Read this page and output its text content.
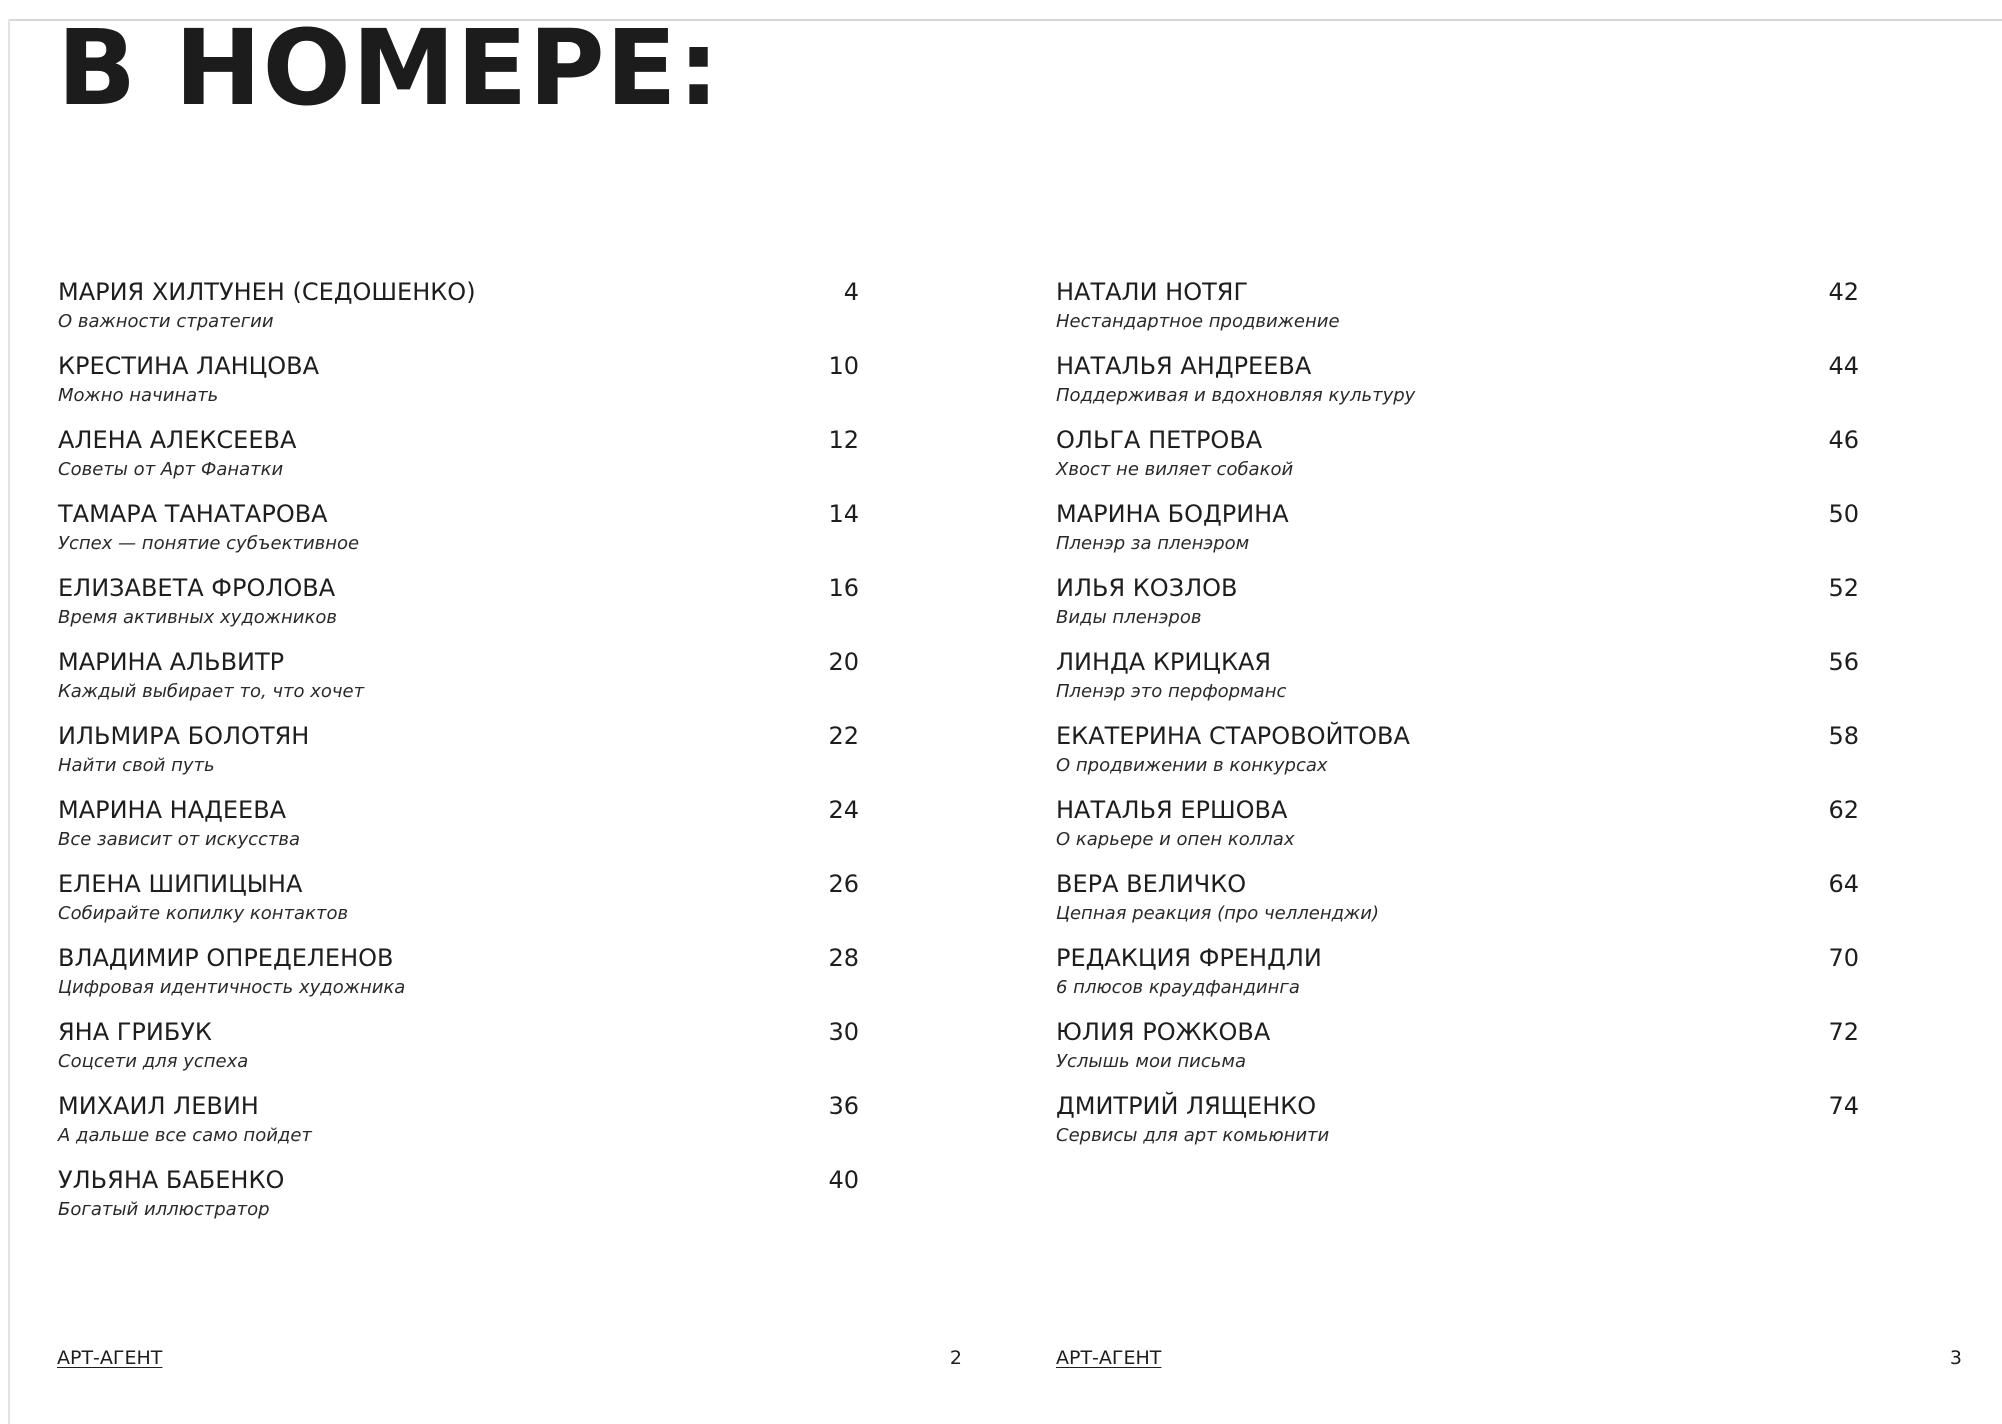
В НОМЕРЕ:
МАРИЯ ХИЛТУНЕН (СЕДОШЕНКО)
О важности стратегии
4
КРЕСТИНА ЛАНЦОВА
Можно начинать
10
АЛЕНА АЛЕКСЕЕВА
Советы от Арт Фанатки
12
ТАМАРА ТАНАТАРОВА
Успех — понятие субъективное
14
ЕЛИЗАВЕТА ФРОЛОВА
Время активных художников
16
МАРИНА АЛЬВИТР
Каждый выбирает то, что хочет
20
ИЛЬМИРА БОЛОТЯН
Найти свой путь
22
МАРИНА НАДЕЕВА
Все зависит от искусства
24
ЕЛЕНА ШИПИЦЫНА
Собирайте копилку контактов
26
ВЛАДИМИР ОПРЕДЕЛЕНОВ
Цифровая идентичность художника
28
ЯНА ГРИБУК
Соцсети для успеха
30
МИХАИЛ ЛЕВИН
А дальше все само пойдет
36
УЛЬЯНА БАБЕНКО
Богатый иллюстратор
40
НАТАЛИ НОТЯГ
Нестандартное продвижение
42
НАТАЛЬЯ АНДРЕЕВА
Поддерживая и вдохновляя культуру
44
ОЛЬГА ПЕТРОВА
Хвост не виляет собакой
46
МАРИНА БОДРИНА
Пленэр за пленэром
50
ИЛЬЯ КОЗЛОВ
Виды пленэров
52
ЛИНДА КРИЦКАЯ
Пленэр это перформанс
56
ЕКАТЕРИНА СТАРОВОЙТОВА
О продвижении в конкурсах
58
НАТАЛЬЯ ЕРШОВА
О карьере и опен коллах
62
ВЕРА ВЕЛИЧКО
Цепная реакция (про челленджи)
64
РЕДАКЦИЯ ФРЕНДЛИ
6 плюсов краудфандинга
70
ЮЛИЯ РОЖКОВА
Услышь мои письма
72
ДМИТРИЙ ЛЯЩЕНКО
Сервисы для арт комьюнити
74
АРТ-АГЕНТ	2	АРТ-АГЕНТ	3
